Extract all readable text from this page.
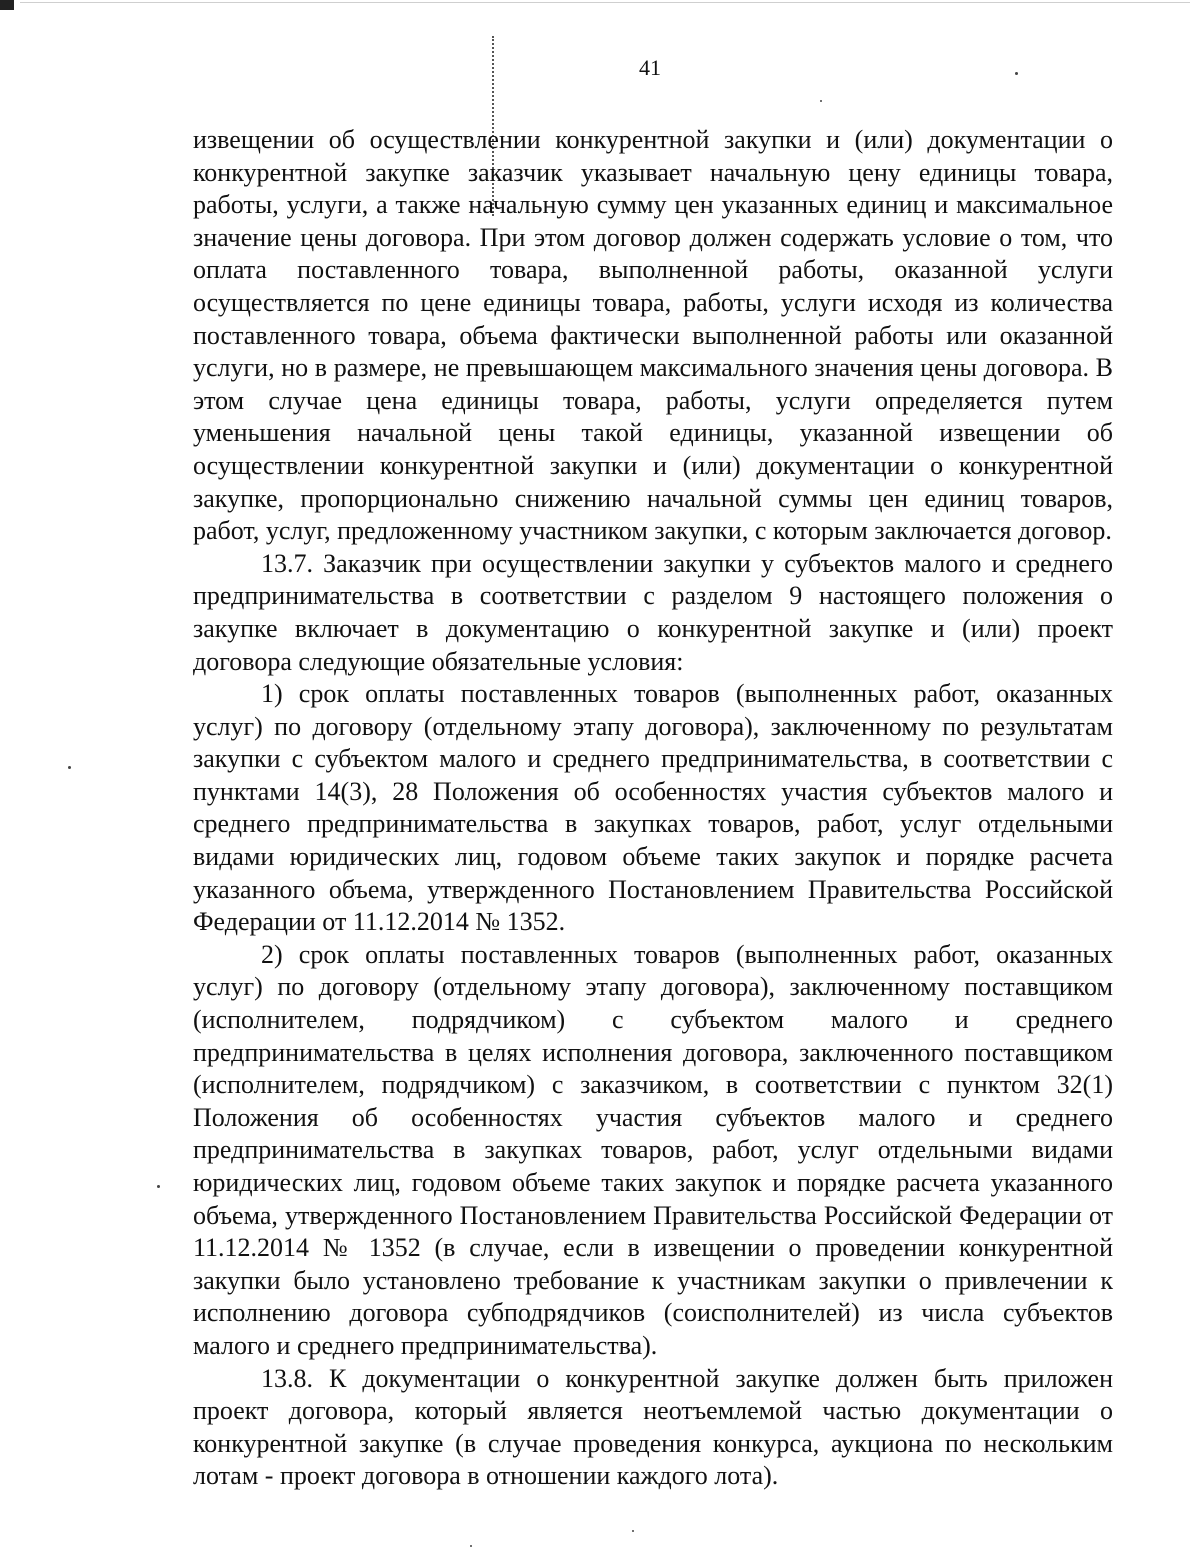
41

извещении об осуществлении конкурентной закупки и (или) документации о конкурентной закупке заказчик указывает начальную цену единицы товара, работы, услуги, а также начальную сумму цен указанных единиц и максимальное значение цены договора. При этом договор должен содержать условие о том, что оплата поставленного товара, выполненной работы, оказанной услуги осуществляется по цене единицы товара, работы, услуги исходя из количества поставленного товара, объема фактически выполненной работы или оказанной услуги, но в размере, не превышающем максимального значения цены договора. В этом случае цена единицы товара, работы, услуги определяется путем уменьшения начальной цены такой единицы, указанной извещении об осуществлении конкурентной закупки и (или) документации о конкурентной закупке, пропорционально снижению начальной суммы цен единиц товаров, работ, услуг, предложенному участником закупки, с которым заключается договор.

13.7. Заказчик при осуществлении закупки у субъектов малого и среднего предпринимательства в соответствии с разделом 9 настоящего положения о закупке включает в документацию о конкурентной закупке и (или) проект договора следующие обязательные условия:

1) срок оплаты поставленных товаров (выполненных работ, оказанных услуг) по договору (отдельному этапу договора), заключенному по результатам закупки с субъектом малого и среднего предпринимательства, в соответствии с пунктами 14(3), 28 Положения об особенностях участия субъектов малого и среднего предпринимательства в закупках товаров, работ, услуг отдельными видами юридических лиц, годовом объеме таких закупок и порядке расчета указанного объема, утвержденного Постановлением Правительства Российской Федерации от 11.12.2014 № 1352.

2) срок оплаты поставленных товаров (выполненных работ, оказанных услуг) по договору (отдельному этапу договора), заключенному поставщиком (исполнителем, подрядчиком) с субъектом малого и среднего предпринимательства в целях исполнения договора, заключенного поставщиком (исполнителем, подрядчиком) с заказчиком, в соответствии с пунктом 32(1) Положения об особенностях участия субъектов малого и среднего предпринимательства в закупках товаров, работ, услуг отдельными видами юридических лиц, годовом объеме таких закупок и порядке расчета указанного объема, утвержденного Постановлением Правительства Российской Федерации от 11.12.2014 № 1352 (в случае, если в извещении о проведении конкурентной закупки было установлено требование к участникам закупки о привлечении к исполнению договора субподрядчиков (соисполнителей) из числа субъектов малого и среднего предпринимательства).

13.8. К документации о конкурентной закупке должен быть приложен проект договора, который является неотъемлемой частью документации о конкурентной закупке (в случае проведения конкурса, аукциона по нескольким лотам - проект договора в отношении каждого лота).
